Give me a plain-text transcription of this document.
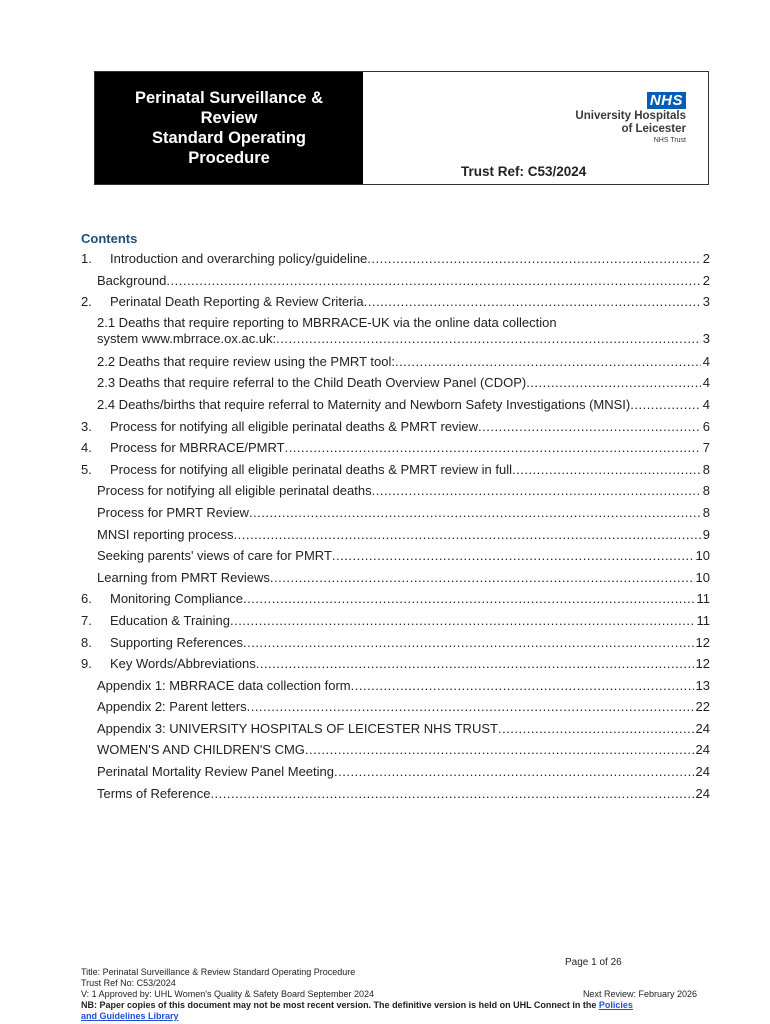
Perinatal Surveillance &
Review
Standard Operating
Procedure
NHS
University Hospitals
of Leicester
NHS Trust
Trust Ref: C53/2024
Contents
1.	Introduction and overarching policy/guideline .....	2
Background .....	2
2.	Perinatal Death Reporting & Review Criteria .....	3
2.1 Deaths that require reporting to MBRRACE-UK via the online data collection
system www.mbrrace.ox.ac.uk: .....	3
2.2 Deaths that require review using the PMRT tool: .....	4
2.3 Deaths that require referral to the Child Death Overview Panel (CDOP) .....	4
2.4 Deaths/births that require referral to Maternity and Newborn Safety Investigations (MNSI) .....	4
3.	Process for notifying all eligible perinatal deaths & PMRT review .....	6
4.	Process for MBRRACE/PMRT .....	7
5.	Process for notifying all eligible perinatal deaths & PMRT review in full .....	8
Process for notifying all eligible perinatal deaths .....	8
Process for PMRT Review .....	8
MNSI reporting process .....	9
Seeking parents' views of care for PMRT .....	10
Learning from PMRT Reviews .....	10
6.	Monitoring Compliance .....	11
7.	Education & Training .....	11
8.	Supporting References .....	12
9.	Key Words/Abbreviations .....	12
Appendix 1: MBRRACE data collection form .....	13
Appendix 2: Parent letters .....	22
Appendix 3: UNIVERSITY HOSPITALS OF LEICESTER NHS TRUST .....	24
WOMEN'S AND CHILDREN'S CMG .....	24
Perinatal Mortality Review Panel Meeting .....	24
Terms of Reference .....	24
Page 1 of 26
Title: Perinatal Surveillance & Review Standard Operating Procedure
Trust Ref No: C53/2024
V: 1 Approved by: UHL Women's Quality & Safety Board September 2024	Next Review: February 2026
NB: Paper copies of this document may not be most recent version. The definitive version is held on UHL Connect in the Policies
and Guidelines Library
